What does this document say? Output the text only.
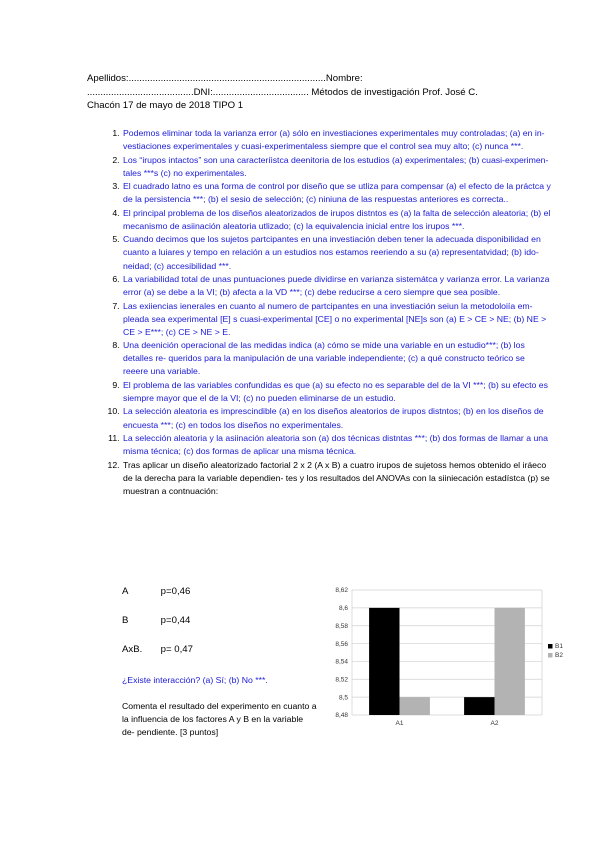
Apellidos:..........................................................................Nombre:
........................................DNI:.................................... Métodos de investigación Prof. José C.
Chacón 17 de mayo de 2018 TIPO 1
1. Podemos eliminar toda la varianza error (a) sólo en investiaciones experimentales muy controladas; (a) en in- vestiaciones experimentales y cuasi-experimentaless siempre que el control sea muy alto; (c) nunca ***.
2. Los “irupos intactos” son una caracteríistca deenitoria de los estudios (a) experimentales; (b) cuasi-experimen- tales ***s (c) no experimentales.
3. El cuadrado latno es una forma de control por diseño que se utliza para compensar (a) el efecto de la práctca y de la persistencia ***; (b) el sesio de selección; (c) niniuna de las respuestas anteriores es correcta..
4. El principal problema de los diseños aleatorizados de irupos distntos es (a) la falta de selección aleatoria; (b) el mecanismo de asiinación aleatoria utlizado; (c) la equivalencia inicial entre los irupos ***.
5. Cuando decimos que los sujetos partcipantes en una investiación deben tener la adecuada disponibilidad en cuanto a luiares y tempo en relación a un estudios nos estamos reeriendo a su (a) representatvidad; (b) ido- neidad; (c) accesibilidad ***.
6. La variabilidad total de unas puntuaciones puede dividirse en varianza sistemátca y varianza error. La varianza error (a) se debe a la VI; (b) afecta a la VD ***; (c) debe reducirse a cero siempre que sea posible.
7. Las exiiencias ienerales en cuanto al numero de partcipantes en una investiación seiun la metodoloiía em- pleada sea experimental [E] s cuasi-experimental [CE] o no experimental [NE]s son (a) E > CE > NE; (b) NE > CE > E***; (c) CE > NE > E.
8. Una deenición operacional de las medidas indica (a) cómo se mide una variable en un estudio***; (b) los detalles re- queridos para la manipulación de una variable independiente; (c) a qué constructo teórico se reeere una variable.
9. El problema de las variables confundidas es que (a) su efecto no es separable del de la VI ***; (b) su efecto es siempre mayor que el de la VI; (c) no pueden eliminarse de un estudio.
10. La selección aleatoria es imprescindible (a) en los diseños aleatorios de irupos distntos; (b) en los diseños de encuesta ***; (c) en todos los diseños no experimentales.
11. La selección aleatoria y la asiinación aleatoria son (a) dos técnicas distntas ***; (b) dos formas de llamar a una misma técnica; (c) dos formas de aplicar una misma técnica.
12. Tras aplicar un diseño aleatorizado factorial 2 x 2 (A x B) a cuatro irupos de sujetoss hemos obtenido el iráeco de la derecha para la variable dependien- tes y los resultados del ANOVAs con la siiniecación estadístca (p) se muestran a contnuación:
A	p=0,46
B	p=0,44
AxB. p= 0,47
¿Existe interacción? (a) Sí; (b) No ***.
Comenta el resultado del experimento en cuanto a la influencia de los factores A y B en la variable de- pendiente. [3 puntos]
8,62
8,6
8,58
8,56
8,54
8,52
8,5
8,48
A1	A2
B1
B2
